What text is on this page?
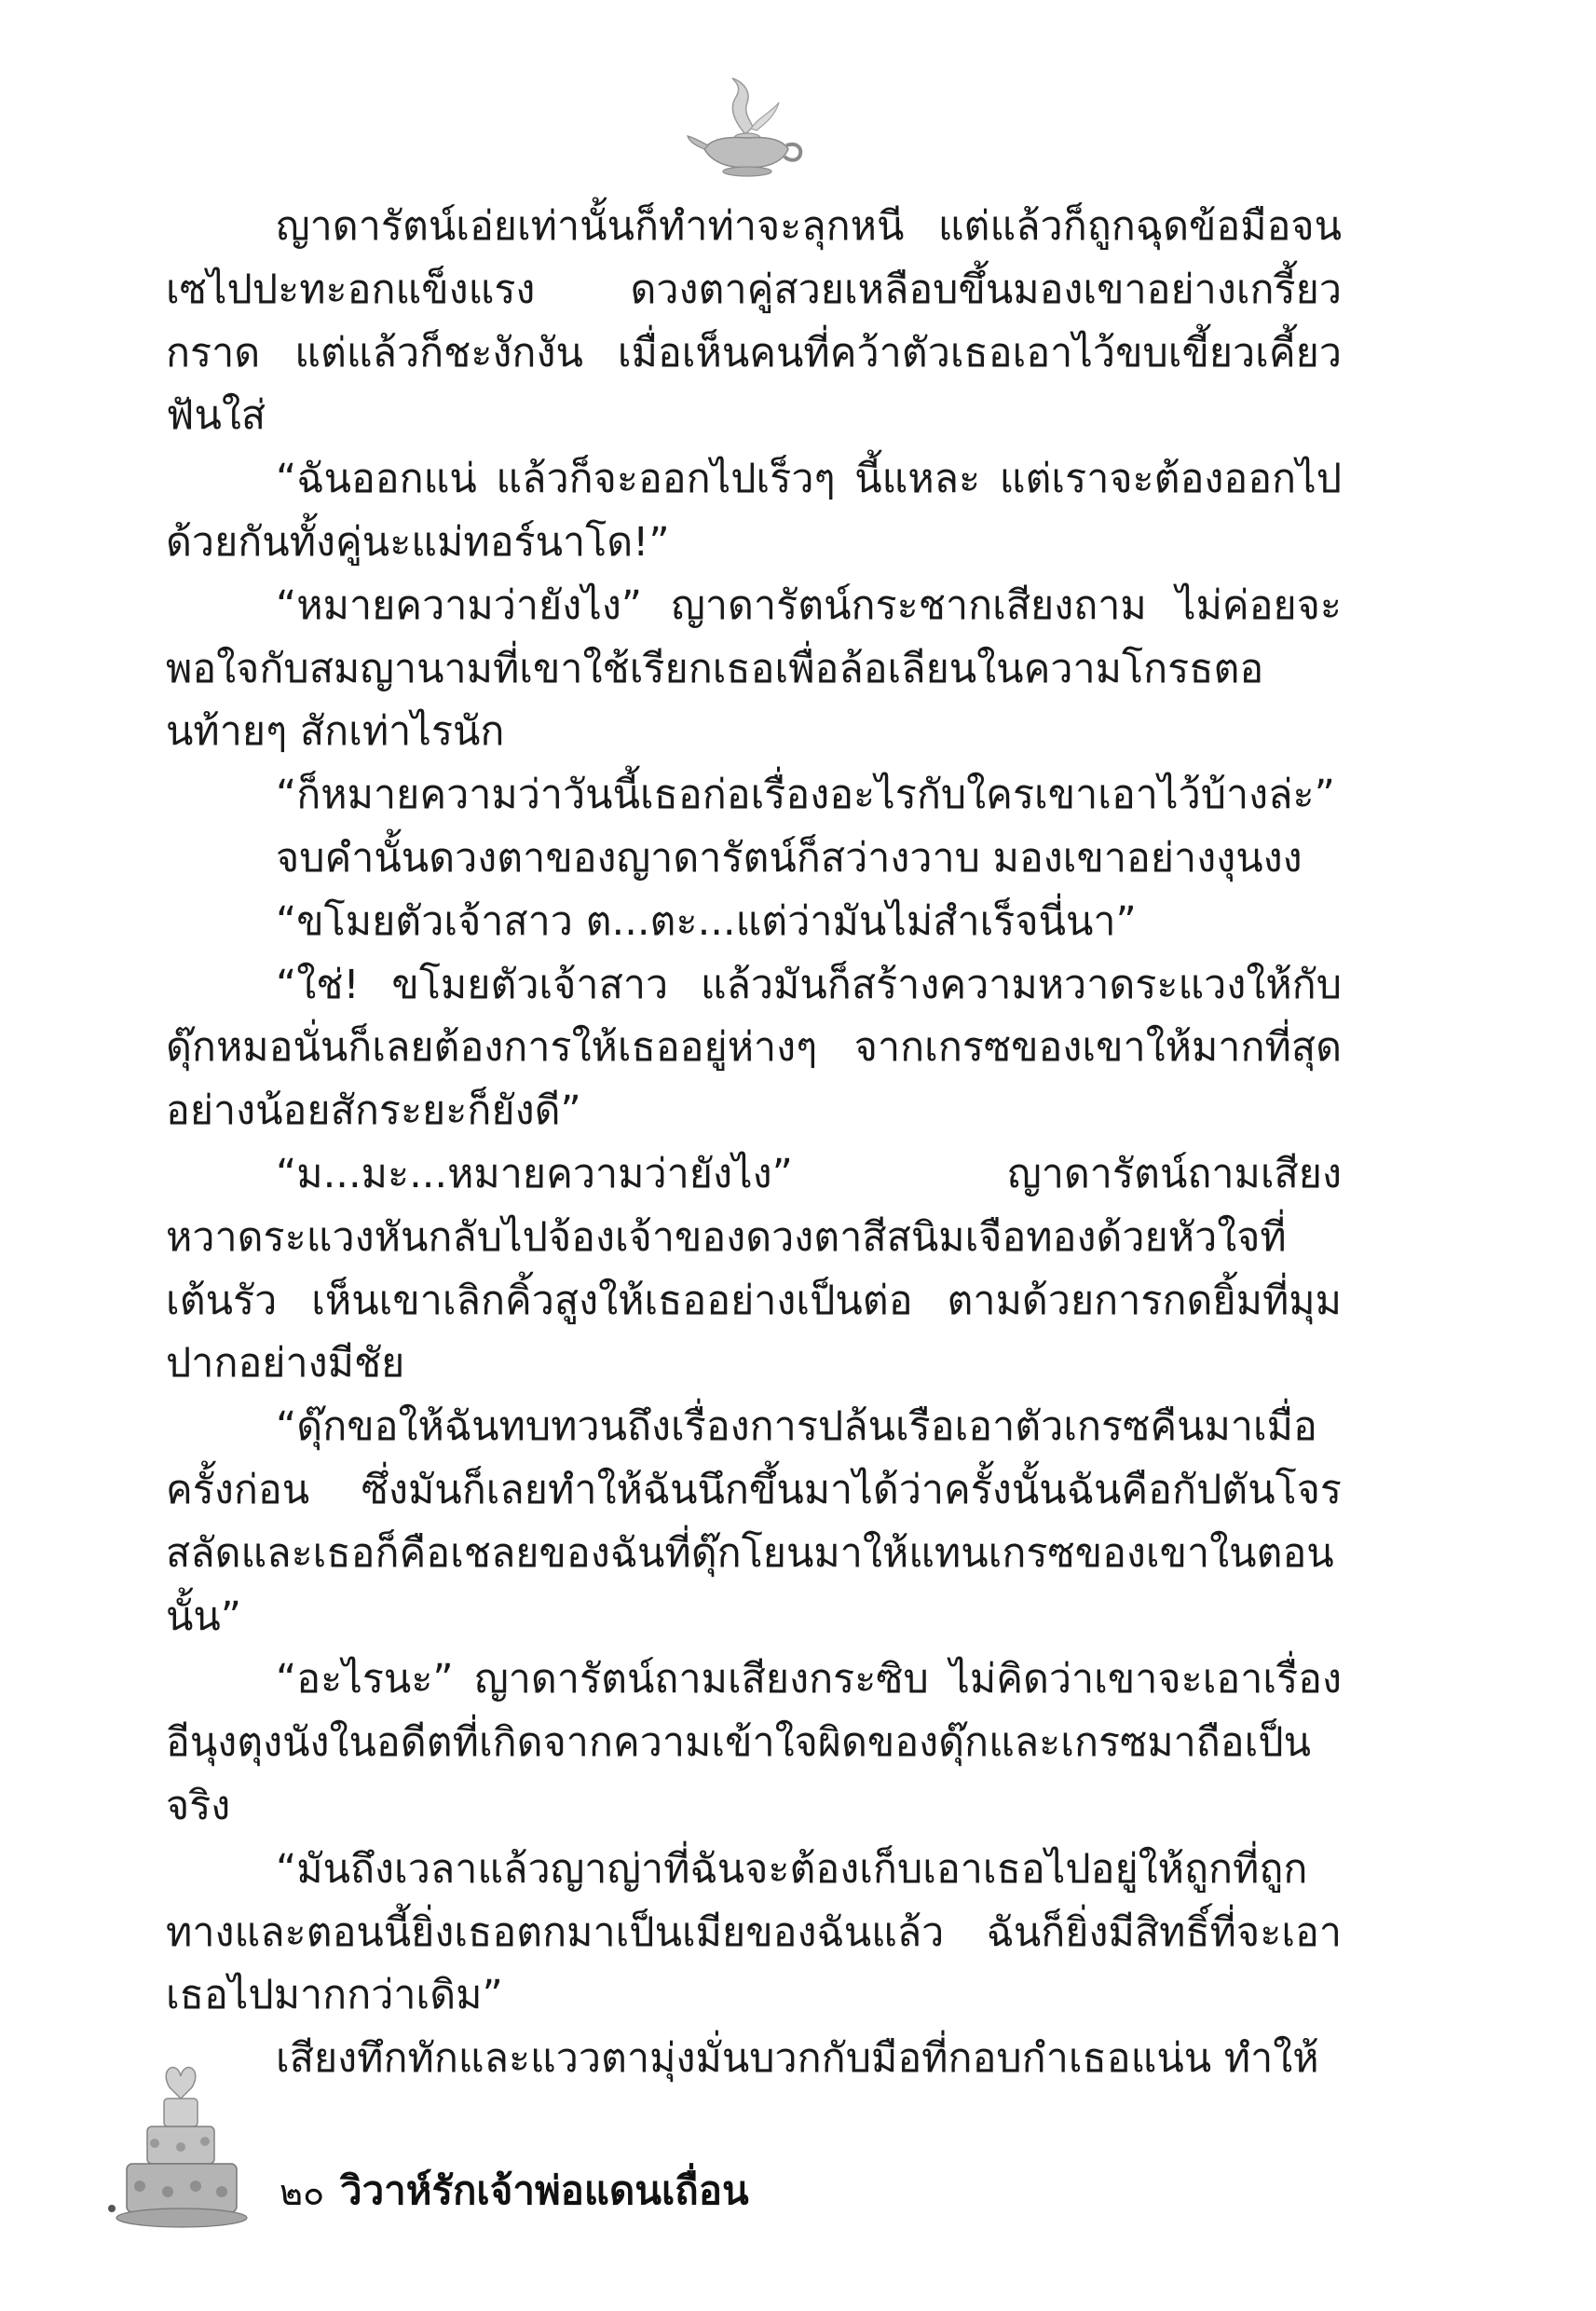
ญาดารัตน์เอ่ยเท่านั้นก็ทำท่าจะลุกหนี แต่แล้วก็ถูกฉุดข้อมือจนเซไปปะทะอกแข็งแรง ดวงตาคู่สวยเหลือบขึ้นมองเขาอย่างเกรี้ยวกราด แต่แล้วก็ชะงักงัน เมื่อเห็นคนที่คว้าตัวเธอเอาไว้ขบเขี้ยวเคี้ยวฟันใส่

“ฉันออกแน่ แล้วก็จะออกไปเร็วๆ นี้แหละ แต่เราจะต้องออกไปด้วยกันทั้งคู่นะแม่ทอร์นาโด!”

“หมายความว่ายังไง” ญาดารัตน์กระชากเสียงถาม ไม่ค่อยจะพอใจกับสมญานามที่เขาใช้เรียกเธอเพื่อล้อเลียนในความโกรธตอนท้ายๆ สักเท่าไรนัก

“ก็หมายความว่าวันนี้เธอก่อเรื่องอะไรกับใครเขาเอาไว้บ้างล่ะ”

จบคำนั้นดวงตาของญาดารัตน์ก็สว่างวาบ มองเขาอย่างงุนงง

“ขโมยตัวเจ้าสาว ต...ตะ...แต่ว่ามันไม่สำเร็จนี่นา”

“ใช่! ขโมยตัวเจ้าสาว แล้วมันก็สร้างความหวาดระแวงให้กับดุ๊กหมอนั่นก็เลยต้องการให้เธออยู่ห่างๆ จากเกรซของเขาให้มากที่สุดอย่างน้อยสักระยะก็ยังดี”

“ม...มะ...หมายความว่ายังไง” ญาดารัตน์ถามเสียงหวาดระแวงหันกลับไปจ้องเจ้าของดวงตาสีสนิมเจือทองด้วยหัวใจที่เต้นรัว เห็นเขาเลิกคิ้วสูงให้เธออย่างเป็นต่อ ตามด้วยการกดยิ้มที่มุมปากอย่างมีชัย

“ดุ๊กขอให้ฉันทบทวนถึงเรื่องการปล้นเรือเอาตัวเกรซคืนมาเมื่อครั้งก่อน ซึ่งมันก็เลยทำให้ฉันนึกขึ้นมาได้ว่าครั้งนั้นฉันคือกัปตันโจรสลัดและเธอก็คือเชลยของฉันที่ดุ๊กโยนมาให้แทนเกรซของเขาในตอนนั้น”

“อะไรนะ” ญาดารัตน์ถามเสียงกระซิบ ไม่คิดว่าเขาจะเอาเรื่องอีนุงตุงนังในอดีตที่เกิดจากความเข้าใจผิดของดุ๊กและเกรซมาถือเป็นจริง

“มันถึงเวลาแล้วญาญ่าที่ฉันจะต้องเก็บเอาเธอไปอยู่ให้ถูกที่ถูกทางและตอนนี้ยิ่งเธอตกมาเป็นเมียของฉันแล้ว ฉันก็ยิ่งมีสิทธิ์ที่จะเอาเธอไปมากกว่าเดิม”

เสียงทึกทักและแววตามุ่งมั่นบวกกับมือที่กอบกำเธอแน่น ทำให้

๒๐ วิวาห์รักเจ้าพ่อแดนเถื่อน
